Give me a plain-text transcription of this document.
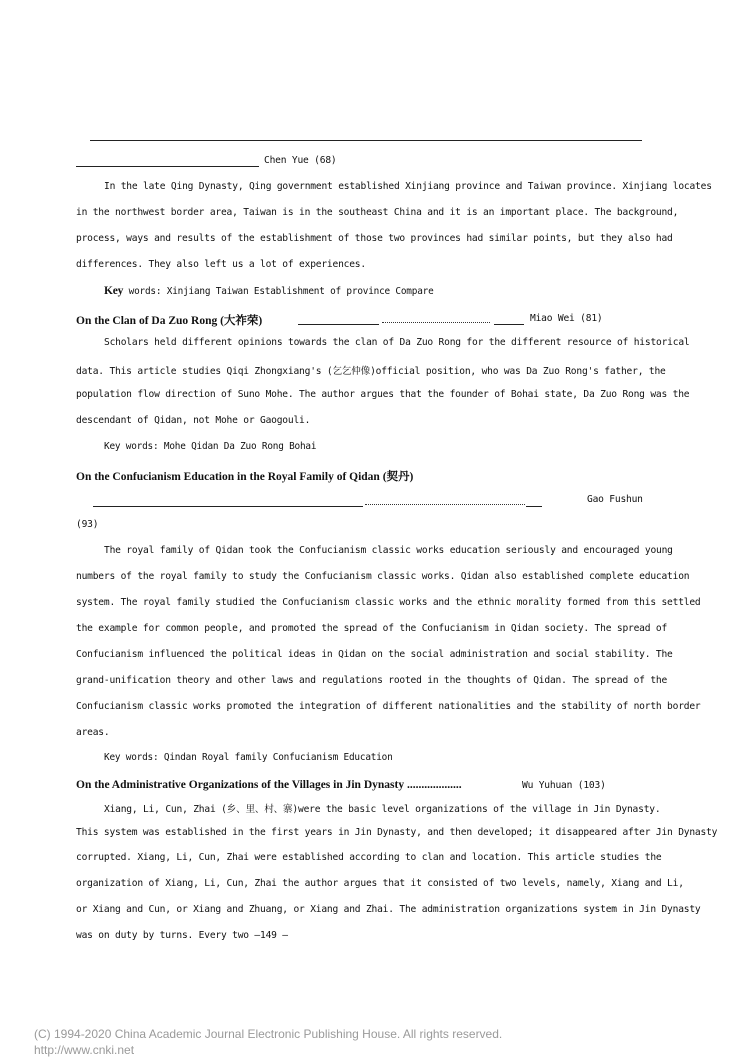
Chen Yue (68)
In the late Qing Dynasty, Qing government established Xinjiang province and Taiwan province. Xinjiang locates
in the northwest border area, Taiwan is in the southeast China and it is an important place. The background,
process, ways and results of the establishment of those two provinces had similar points, but they also had
differences. They also left us a lot of experiences.
Key words: Xinjiang Taiwan Establishment of province Compare
On the Clan of Da Zuo Rong (大祚荣)	Miao Wei (81)
Scholars held different opinions towards the clan of Da Zuo Rong for the different resource of historical
data. This article studies Qiqi Zhongxiang's (乞乞仲像)official position, who was Da Zuo Rong's father, the
population flow direction of Suno Mohe. The author argues that the founder of Bohai state, Da Zuo Rong was the
descendant of Qidan, not Mohe or Gaogouli.
Key words: Mohe Qidan Da Zuo Rong Bohai
On the Confucianism Education in the Royal Family of Qidan (契丹)
Gao Fushun
(93)
The royal family of Qidan took the Confucianism classic works education seriously and encouraged young
numbers of the royal family to study the Confucianism classic works. Qidan also established complete education
system. The royal family studied the Confucianism classic works and the ethnic morality formed from this settled
the example for common people, and promoted the spread of the Confucianism in Qidan society. The spread of
Confucianism influenced the political ideas in Qidan on the social administration and social stability. The
grand-unification theory and other laws and regulations rooted in the thoughts of Qidan. The spread of the
Confucianism classic works promoted the integration of different nationalities and the stability of north border
areas.
Key words: Qindan Royal family Confucianism Education
On the Administrative Organizations of the Villages in Jin Dynasty ...................	Wu Yuhuan (103)
Xiang, Li, Cun, Zhai (乡、里、村、寨)were the basic level organizations of the village in Jin Dynasty.
This system was established in the first years in Jin Dynasty, and then developed; it disappeared after Jin Dynasty
corrupted. Xiang, Li, Cun, Zhai were established according to clan and location. This article studies the
organization of Xiang, Li, Cun, Zhai the author argues that it consisted of two levels, namely, Xiang and Li,
or Xiang and Cun, or Xiang and Zhuang, or Xiang and Zhai. The administration organizations system in Jin Dynasty
was on duty by turns. Every two —149 —
(C) 1994-2020 China Academic Journal Electronic Publishing House. All rights reserved.
http://www.cnki.net
